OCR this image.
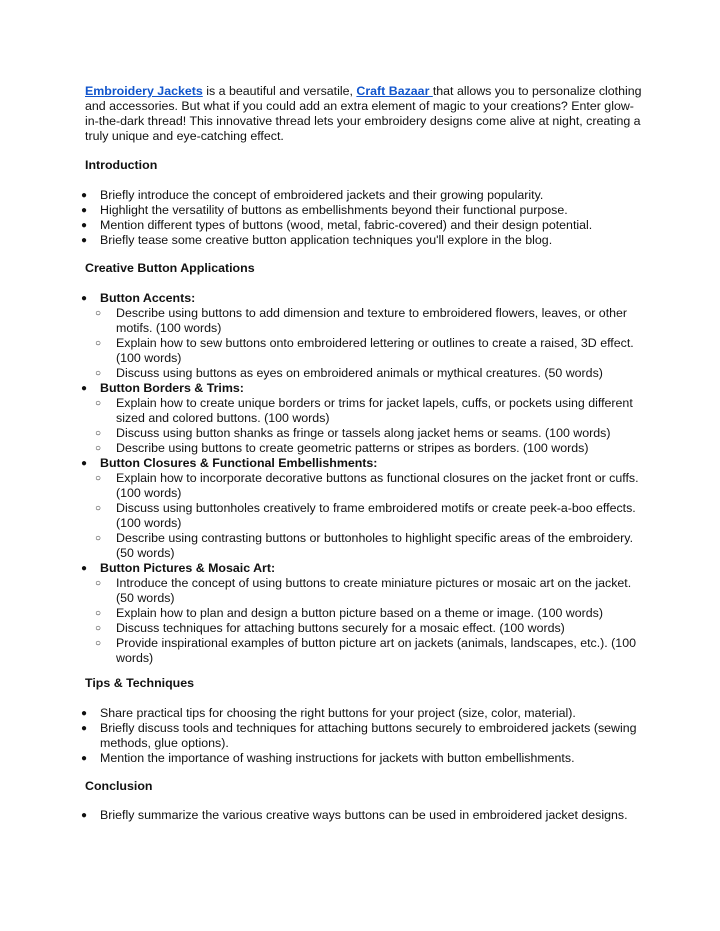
Embroidery Jackets is a beautiful and versatile, Craft Bazaar that allows you to personalize clothing and accessories. But what if you could add an extra element of magic to your creations? Enter glow-in-the-dark thread! This innovative thread lets your embroidery designs come alive at night, creating a truly unique and eye-catching effect.

Introduction
● Briefly introduce the concept of embroidered jackets and their growing popularity.
● Highlight the versatility of buttons as embellishments beyond their functional purpose.
● Mention different types of buttons (wood, metal, fabric-covered) and their design potential.
● Briefly tease some creative button application techniques you'll explore in the blog.
Creative Button Applications
● Button Accents:
○ Describe using buttons to add dimension and texture to embroidered flowers, leaves, or other motifs. (100 words)
○ Explain how to sew buttons onto embroidered lettering or outlines to create a raised, 3D effect. (100 words)
○ Discuss using buttons as eyes on embroidered animals or mythical creatures. (50 words)
● Button Borders & Trims:
○ Explain how to create unique borders or trims for jacket lapels, cuffs, or pockets using different sized and colored buttons. (100 words)
○ Discuss using button shanks as fringe or tassels along jacket hems or seams. (100 words)
○ Describe using buttons to create geometric patterns or stripes as borders. (100 words)
● Button Closures & Functional Embellishments:
○ Explain how to incorporate decorative buttons as functional closures on the jacket front or cuffs. (100 words)
○ Discuss using buttonholes creatively to frame embroidered motifs or create peek-a-boo effects. (100 words)
○ Describe using contrasting buttons or buttonholes to highlight specific areas of the embroidery. (50 words)
● Button Pictures & Mosaic Art:
○ Introduce the concept of using buttons to create miniature pictures or mosaic art on the jacket. (50 words)
○ Explain how to plan and design a button picture based on a theme or image. (100 words)
○ Discuss techniques for attaching buttons securely for a mosaic effect. (100 words)
○ Provide inspirational examples of button picture art on jackets (animals, landscapes, etc.). (100 words)
Tips & Techniques
● Share practical tips for choosing the right buttons for your project (size, color, material).
● Briefly discuss tools and techniques for attaching buttons securely to embroidered jackets (sewing methods, glue options).
● Mention the importance of washing instructions for jackets with button embellishments.
Conclusion
● Briefly summarize the various creative ways buttons can be used in embroidered jacket designs.
